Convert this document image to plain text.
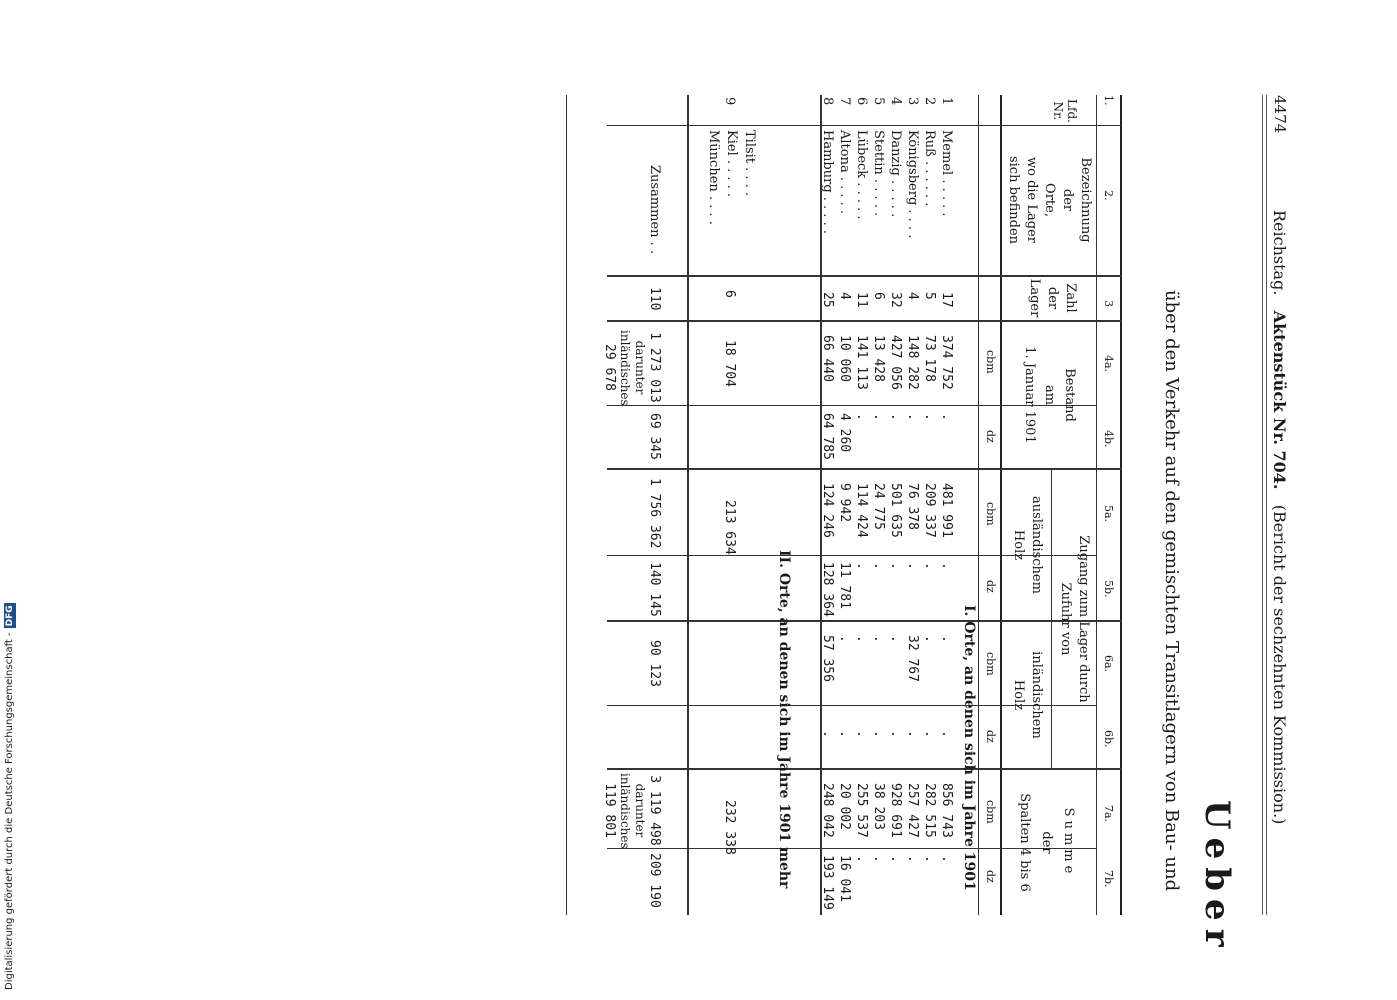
Digitalisierung gefördert durch die Deutsche Forschungsgemeinschaft -DFG
4474
Reichstag.   Aktenstück Nr. 704.   (Bericht der sechzehnten Kommission.)
Ueber
über den Verkehr auf den gemischten Transitlagern von Bau- und
1.
2.
3
4a.
4b.
5a.
5b.
6a.
6b.
7a.
7b.
Lfd.
Nr.
Bezeichnung
der
Orte,
wo die Lager
sich befinden
Zahl
der
Lager
Bestand
am
1. Januar 1901
Zugang zum Lager durch
Zufuhr von
ausländischem
Holz
inländischem
Holz
Summe
der
Spalten 4 bis 6
cbm
dz
cbm
dz
cbm
dz
cbm
dz
I. Orte, an denen sich im Jahre 1901
1
Memel . . . . .
17
374 752
.
481 991
.
.
.
856 743
.
2
Ruß . . . . . .
5
73 178
.
209 337
.
.
.
282 515
.
3
Königsberg . . . .
4
148 282
.
76 378
.
32 767
.
257 427
.
4
Danzig . . . . .
32
427 056
.
501 635
.
.
.
928 691
.
5
Stettin . . . . .
6
13 428
.
24 775
.
.
.
38 203
.
6
Lübeck . . . . .
11
141 113
.
114 424
.
.
.
255 537
.
7
Altona . . . . .
4
10 060
4 260
9 942
11 781
.
.
20 002
16 041
8
Hamburg . . . . .
25
66 440
64 785
124 246
128 364
57 356
.
248 042
193 149
II. Orte, an denen sich im Jahre 1901 mehr
9
Tilsit . . . .
Kiel . . . . .
München . . . .
6
18 704
213 634
232 338
Zusammen . .
110
1 273 013
darunter
inländisches
29 678
69 345
1 756 362
140 145
90 123
3 119 498
darunter
inländisches
119 801
209 190
